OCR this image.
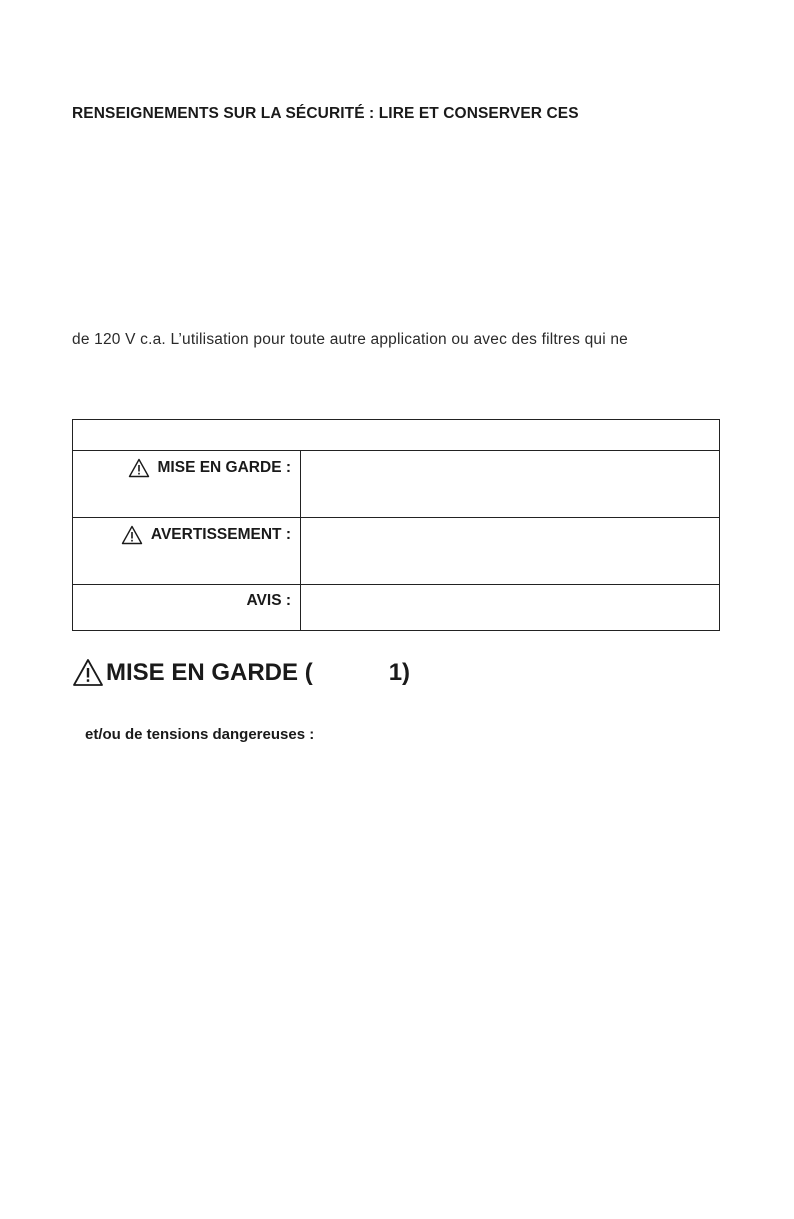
RENSEIGNEMENTS SUR LA SÉCURITÉ : LIRE ET CONSERVER CES
de 120 V c.a. L’utilisation pour toute autre application ou avec des filtres qui ne
MISE EN GARDE :
AVERTISSEMENT :
AVIS :
MISE EN GARDE (	1)
et/ou de tensions dangereuses :
